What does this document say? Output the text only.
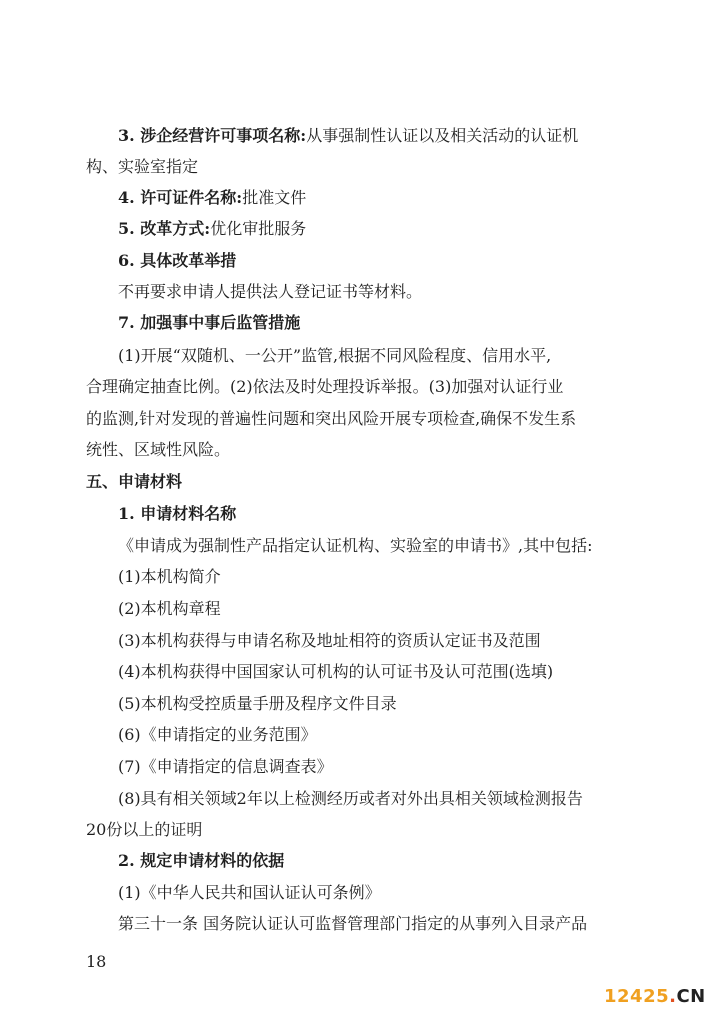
3. 涉企经营许可事项名称:从事强制性认证以及相关活动的认证机
构、实验室指定
4. 许可证件名称:批准文件
5. 改革方式:优化审批服务
6. 具体改革举措
不再要求申请人提供法人登记证书等材料。
7. 加强事中事后监管措施
(1)开展“双随机、一公开”监管,根据不同风险程度、信用水平,
合理确定抽查比例。(2)依法及时处理投诉举报。(3)加强对认证行业
的监测,针对发现的普遍性问题和突出风险开展专项检查,确保不发生系
统性、区域性风险。
五、申请材料
1. 申请材料名称
《申请成为强制性产品指定认证机构、实验室的申请书》,其中包括:
(1)本机构简介
(2)本机构章程
(3)本机构获得与申请名称及地址相符的资质认定证书及范围
(4)本机构获得中国国家认可机构的认可证书及认可范围(选填)
(5)本机构受控质量手册及程序文件目录
(6)《申请指定的业务范围》
(7)《申请指定的信息调查表》
(8)具有相关领域2年以上检测经历或者对外出具相关领域检测报告
20份以上的证明
2. 规定申请材料的依据
(1)《中华人民共和国认证认可条例》
第三十一条 国务院认证认可监督管理部门指定的从事列入目录产品
18
12425.CN
